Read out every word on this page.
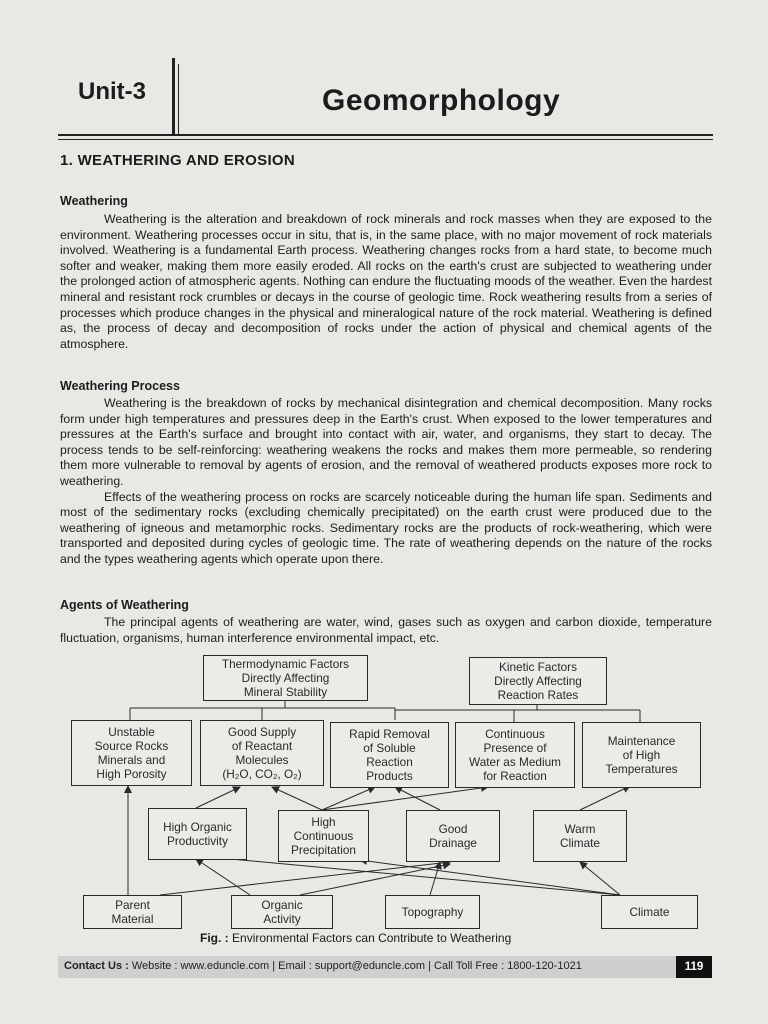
Unit-3	Geomorphology
1. WEATHERING AND EROSION
Weathering

Weathering is the alteration and breakdown of rock minerals and rock masses when they are exposed to the environment. Weathering processes occur in situ, that is, in the same place, with no major movement of rock materials involved. Weathering is a fundamental Earth process. Weathering changes rocks from a hard state, to become much softer and weaker, making them more easily eroded. All rocks on the earth's crust are subjected to weathering under the prolonged action of atmospheric agents. Nothing can endure the fluctuating moods of the weather. Even the hardest mineral and resistant rock crumbles or decays in the course of geologic time. Rock weathering results from a series of processes which produce changes in the physical and mineralogical nature of the rock material. Weathering is defined as, the process of decay and decomposition of rocks under the action of physical and chemical agents of the atmosphere.

Weathering Process

Weathering is the breakdown of rocks by mechanical disintegration and chemical decomposition. Many rocks form under high temperatures and pressures deep in the Earth's crust. When exposed to the lower temperatures and pressures at the Earth's surface and brought into contact with air, water, and organisms, they start to decay. The process tends to be self-reinforcing: weathering weakens the rocks and makes them more permeable, so rendering them more vulnerable to removal by agents of erosion, and the removal of weathered products exposes more rock to weathering.

Effects of the weathering process on rocks are scarcely noticeable during the human life span. Sediments and most of the sedimentary rocks (excluding chemically precipitated) on the earth crust were produced due to the weathering of igneous and metamorphic rocks. Sedimentary rocks are the products of rock-weathering, which were transported and deposited during cycles of geologic time. The rate of weathering depends on the nature of the rocks and the types weathering agents which operate upon there.

Agents of Weathering

The principal agents of weathering are water, wind, gases such as oxygen and carbon dioxide, temperature fluctuation, organisms, human interference environmental impact, etc.

Thermodynamic Factors
Directly Affecting
Mineral Stability
Kinetic Factors
Directly Affecting
Reaction Rates
Unstable
Source Rocks
Minerals and
High Porosity
Good Supply
of Reactant
Molecules
(H₂O, CO₂, O₂)
Rapid Removal
of Soluble
Reaction
Products
Continuous
Presence of
Water as Medium
for Reaction
Maintenance
of High
Temperatures
High Organic
Productivity
High
Continuous
Precipitation
Good
Drainage
Warm
Climate
Parent
Material
Organic
Activity	Topography	Climate
Fig. : Environmental Factors can Contribute to Weathering
Contact Us : Website : www.eduncle.com | Email : support@eduncle.com | Call Toll Free : 1800-120-1021	119
